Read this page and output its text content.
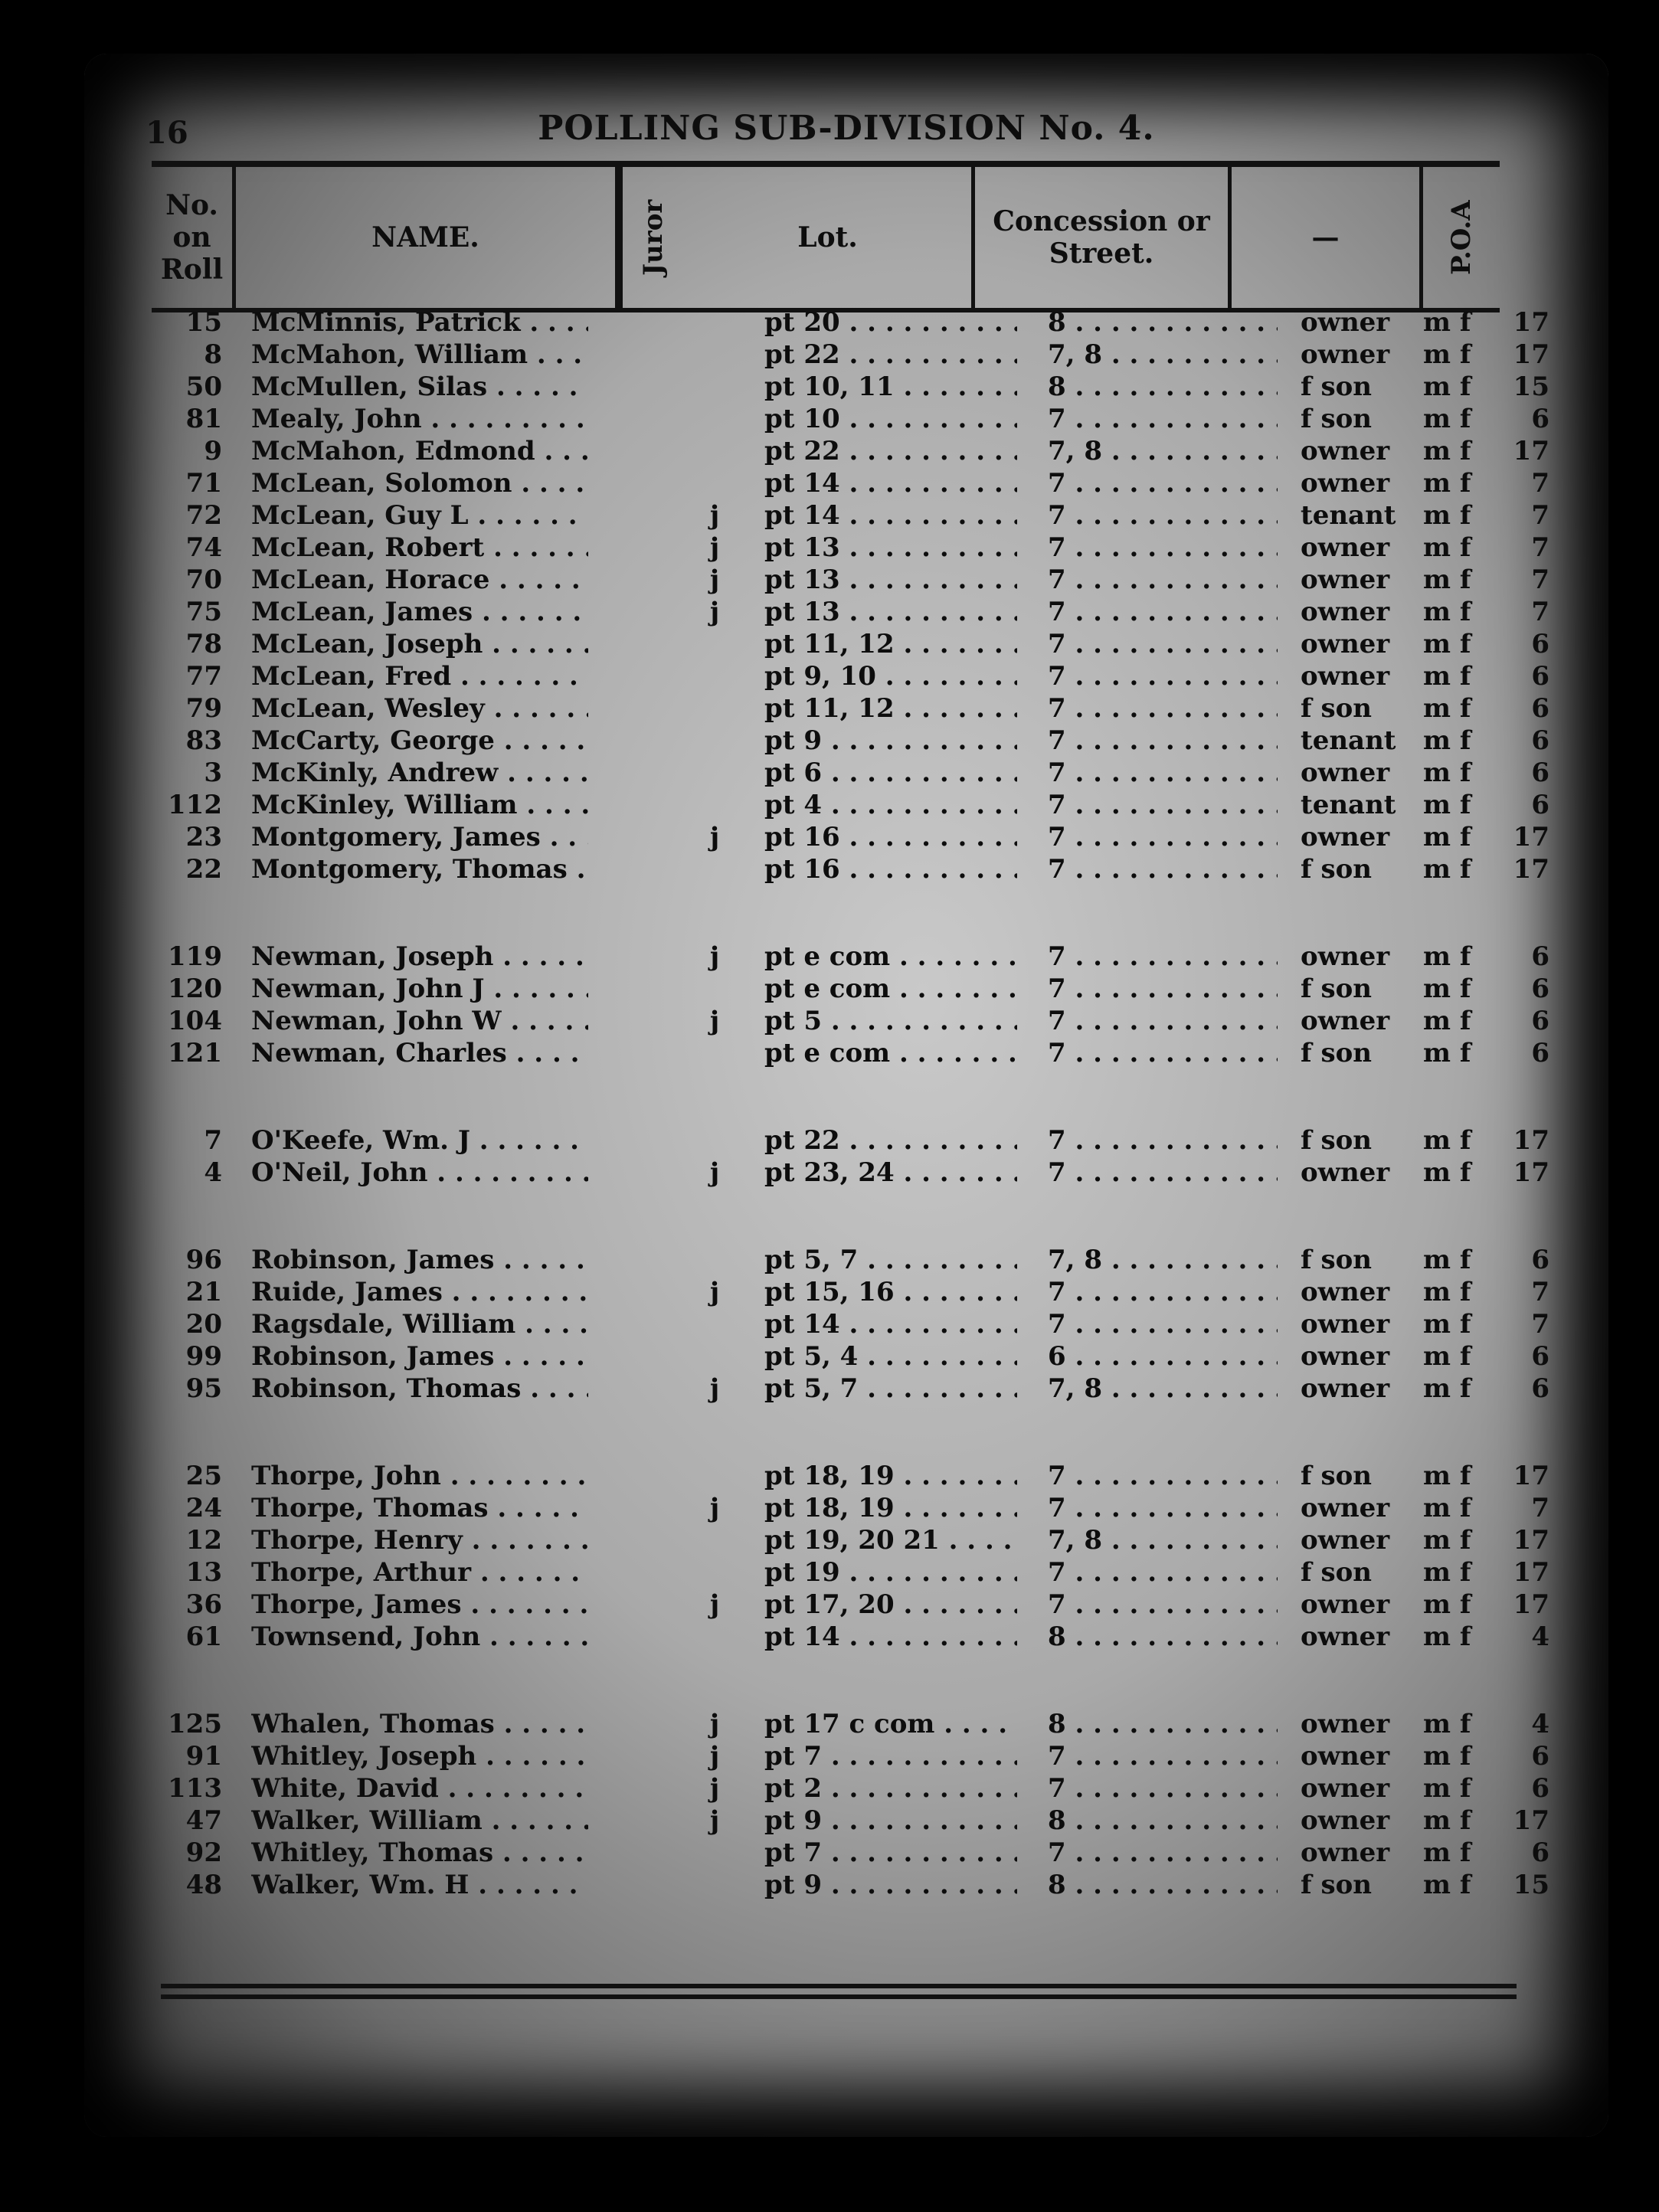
16	POLLING SUB-DIVISION No. 4.
No. on Roll
NAME.	Juror	Lot.	Concession or Street.	—	P.O.A
15 McMinnis, Patrick . . .	pt 20 . . .	8 . . .	owner	m f	17
8 McMahon, William . . .	pt 22 . . .	7, 8 . . .	owner	m f	17
50 McMullen, Silas . . .	pt 10, 11 . . .	8 . . .	f son	m f	15
81 Mealy, John . . .	pt 10 . . .	7 . . .	f son	m f	6
9 McMahon, Edmond . . .	pt 22 . . .	7, 8 . . .	owner	m f	17
71 McLean, Solomon . . .	pt 14 . . .	7 . . .	owner	m f	7
72 McLean, Guy L . . .	j pt 14 . . .	7 . . .	tenant	m f	7
74 McLean, Robert . . .	j pt 13 . . .	7 . . .	owner	m f	7
70 McLean, Horace . . .	j pt 13 . . .	7 . . .	owner	m f	7
75 McLean, James . . .	j pt 13 . . .	7 . . .	owner	m f	7
78 McLean, Joseph . . .	pt 11, 12 . . .	7 . . .	owner	m f	6
77 McLean, Fred . . .	pt 9, 10 . . .	7 . . .	owner	m f	6
79 McLean, Wesley . . .	pt 11, 12 . . .	7 . . .	f son	m f	6
83 McCarty, George . . .	pt 9 . . .	7 . . .	tenant	m f	6
3 McKinly, Andrew . . .	pt 6 . . .	7 . . .	owner	m f	6
112 McKinley, William . . .	pt 4 . . .	7 . . .	tenant	m f	6
23 Montgomery, James . . .	j pt 16 . . .	7 . . .	owner	m f	17
22 Montgomery, Thomas . . .	pt 16 . . .	7 . . .	f son	m f	17
119 Newman, Joseph . . .	j pt e com . . .	7 . . .	owner	m f	6
120 Newman, John J . . .	pt e com . . .	7 . . .	f son	m f	6
104 Newman, John W . . .	j pt 5 . . .	7 . . .	owner	m f	6
121 Newman, Charles . . .	pt e com . . .	7 . . .	f son	m f	6
7 O'Keefe, Wm. J . . .	pt 22 . . .	7 . . .	f son	m f	17
4 O'Neil, John . . .	j pt 23, 24 . . .	7 . . .	owner	m f	17
96 Robinson, James . . .	pt 5, 7 . . .	7, 8 . . .	f son	m f	6
21 Ruide, James . . .	j pt 15, 16 . . .	7 . . .	owner	m f	7
20 Ragsdale, William . . .	pt 14 . . .	7 . . .	owner	m f	7
99 Robinson, James . . .	pt 5, 4 . . .	6 . . .	owner	m f	6
95 Robinson, Thomas . . .	j pt 5, 7 . . .	7, 8 . . .	owner	m f	6
25 Thorpe, John . . .	pt 18, 19 . . .	7 . . .	f son	m f	17
24 Thorpe, Thomas . . .	j pt 18, 19 . . .	7 . . .	owner	m f	7
12 Thorpe, Henry . . .	pt 19, 20 21 . . .	7, 8 . . .	owner	m f	17
13 Thorpe, Arthur . . .	pt 19 . . .	7 . . .	f son	m f	17
36 Thorpe, James . . .	j pt 17, 20 . . .	7 . . .	owner	m f	17
61 Townsend, John . . .	pt 14 . . .	8 . . .	owner	m f	4
125 Whalen, Thomas . . .	j pt 17 c com . . .	8 . . .	owner	m f	4
91 Whitley, Joseph . . .	j pt 7 . . .	7 . . .	owner	m f	6
113 White, David . . .	j pt 2 . . .	7 . . .	owner	m f	6
47 Walker, William . . .	j pt 9 . . .	8 . . .	owner	m f	17
92 Whitley, Thomas . . .	pt 7 . . .	7 . . .	owner	m f	6
48 Walker, Wm. H . . .	pt 9 . . .	8 . . .	f son	m f	15
